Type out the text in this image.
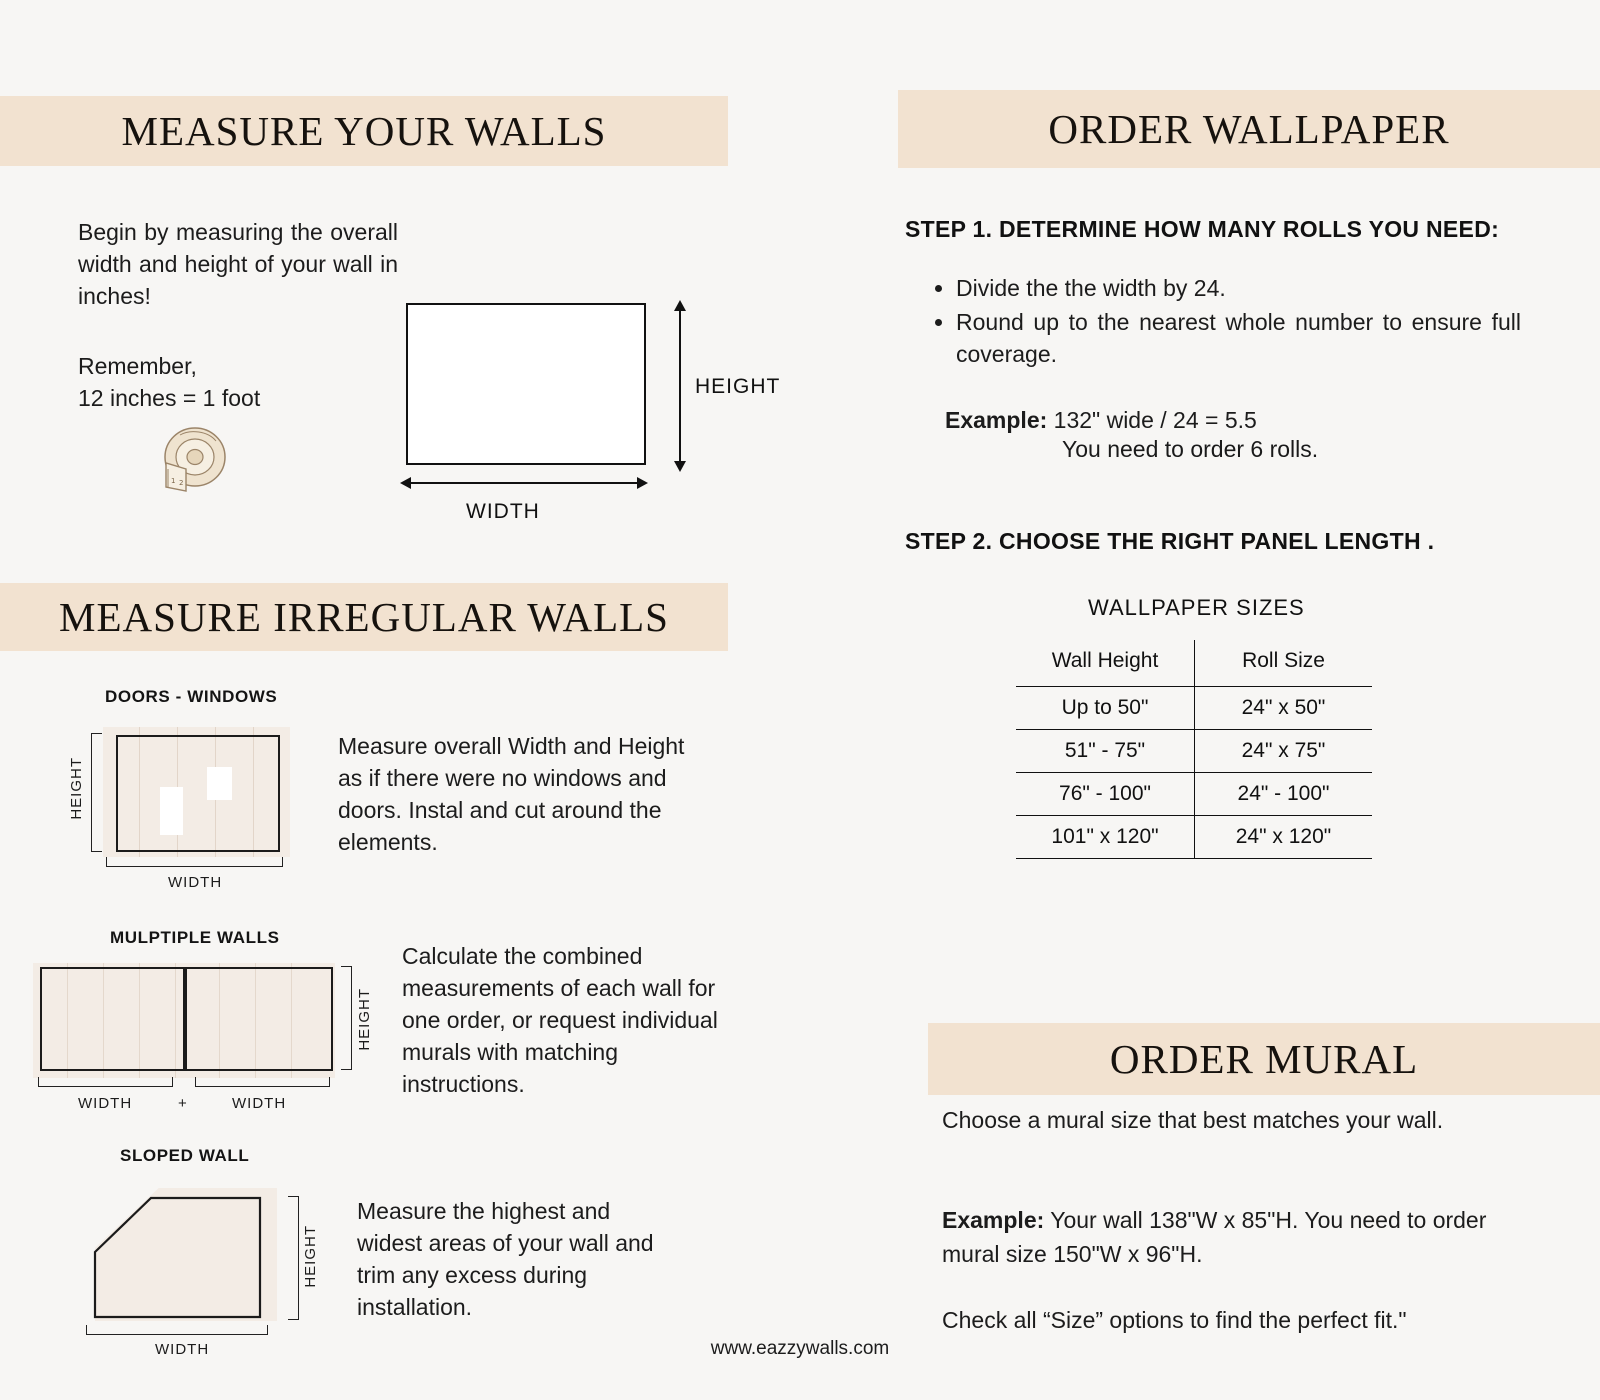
MEASURE YOUR WALLS
Begin by measuring the overall width and height of your wall in inches!
Remember,
12 inches = 1 foot
1 2
WIDTH
HEIGHT
MEASURE IRREGULAR WALLS
DOORS - WINDOWS
HEIGHT
WIDTH
Measure overall Width and Height as if there were no windows and doors. Instal and cut around the elements.
MULPTIPLE WALLS
HEIGHT
WIDTH	+	WIDTH
Calculate the combined measurements of each wall for one order, or request individual murals with matching instructions.
SLOPED WALL
HEIGHT
WIDTH
Measure the highest and widest areas of your wall and trim any excess during installation.
ORDER WALLPAPER
STEP 1. DETERMINE HOW MANY ROLLS YOU NEED:
• Divide the the width by 24.
• Round up to the nearest whole number to ensure full coverage.
Example: 132" wide / 24 = 5.5
You need to order 6 rolls.
STEP 2. CHOOSE THE RIGHT PANEL LENGTH .
WALLPAPER SIZES
Wall Height	Roll Size
Up to 50"	24" x 50"
51" - 75"	24" x 75"
76" - 100"	24" - 100"
101" x 120"	24" x 120"
ORDER MURAL
Choose a mural size that best matches your wall.
Example: Your wall 138"W x 85"H. You need to order mural size 150"W x 96"H.
Check all “Size” options to find the perfect fit."
www.eazzywalls.com
